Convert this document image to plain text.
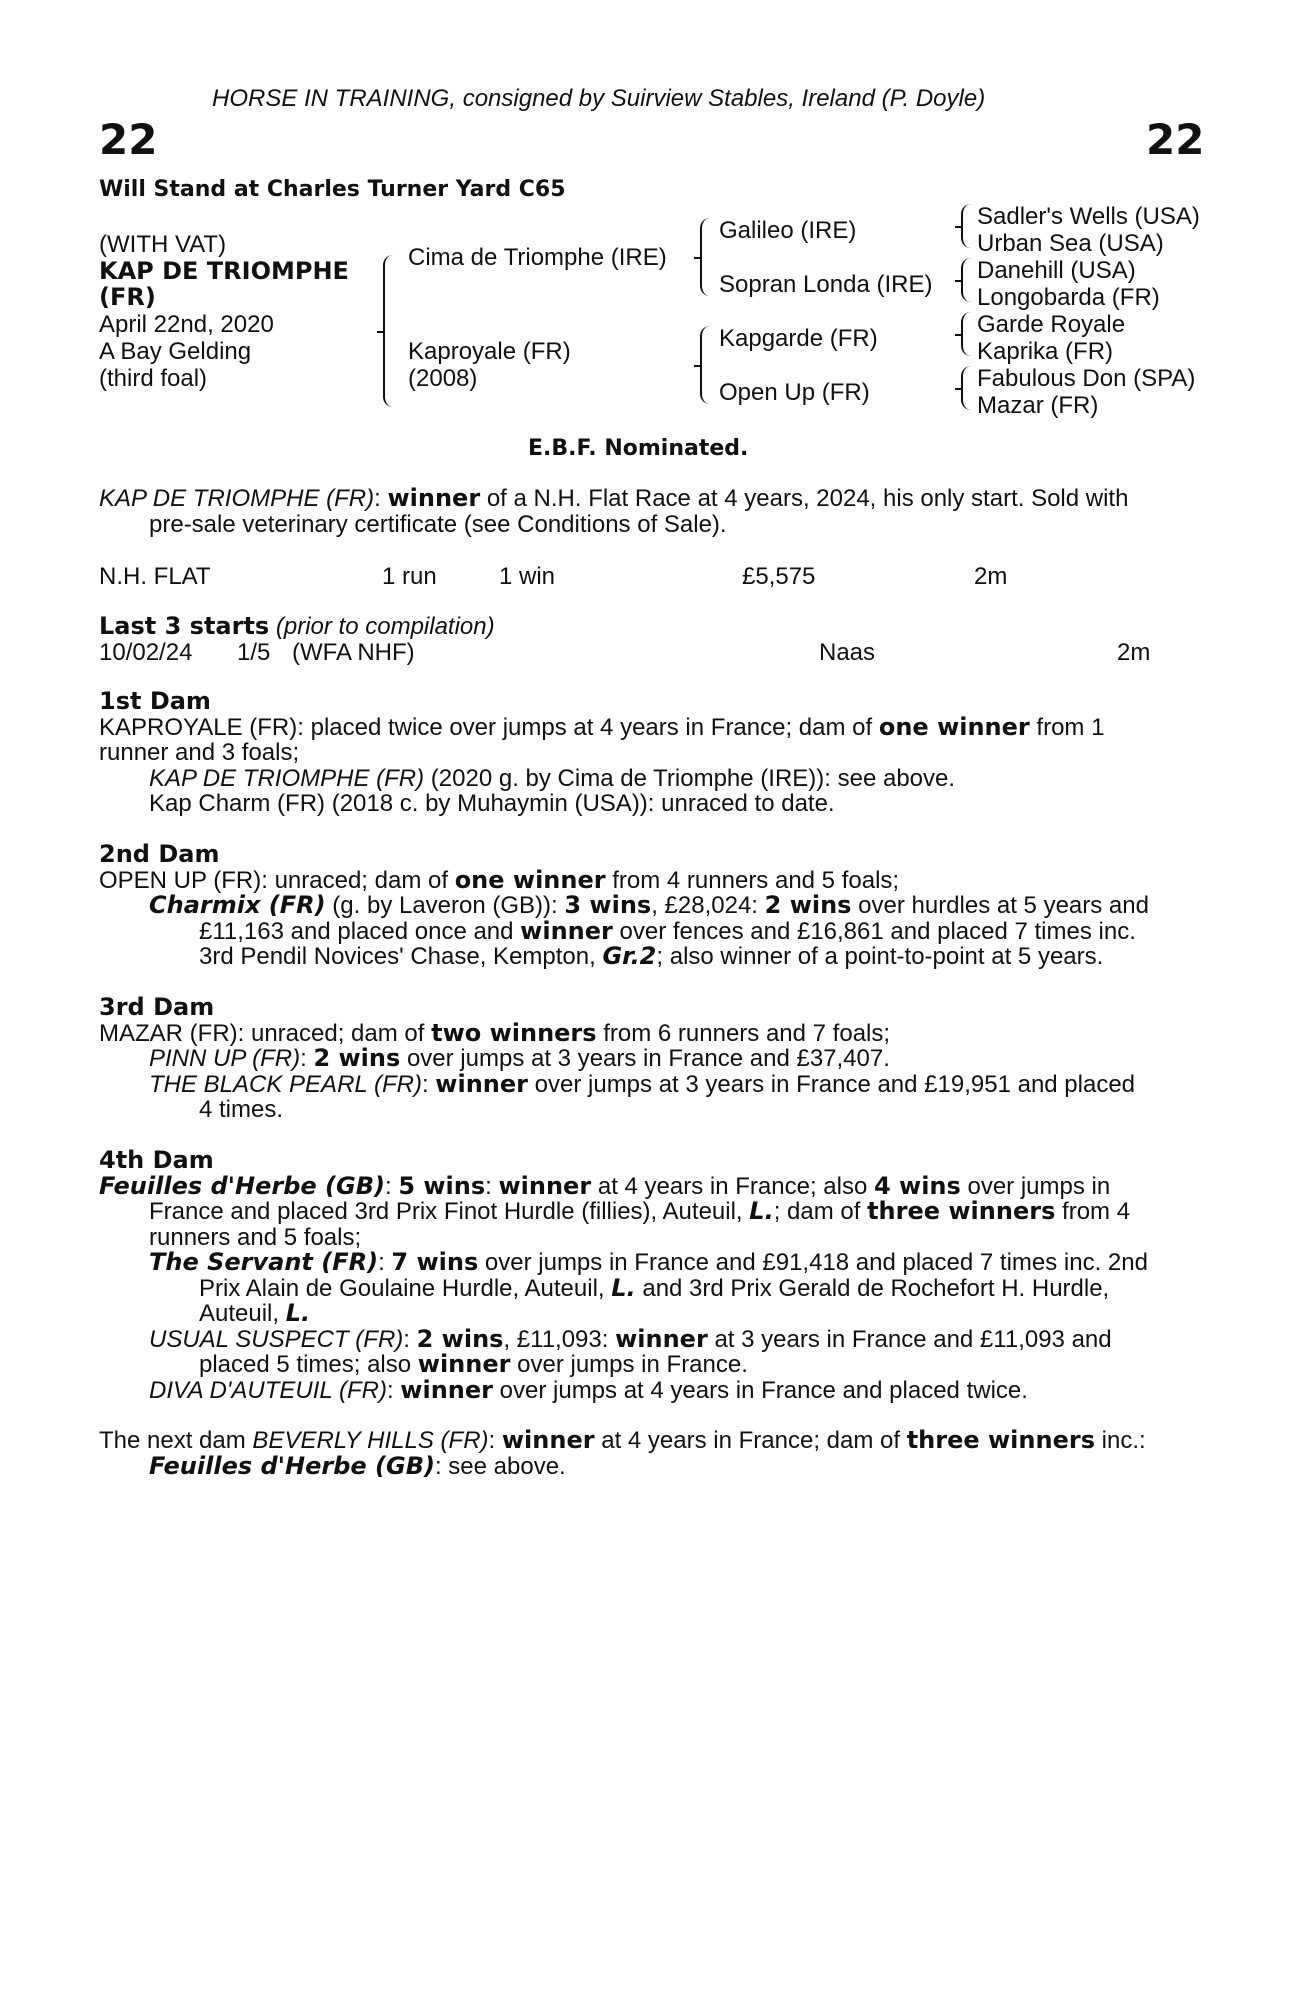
HORSE IN TRAINING, consigned by Suirview Stables, Ireland (P. Doyle)
22	22
Will Stand at Charles Turner Yard C65
(WITH VAT)
KAP DE TRIOMPHE
(FR)
April 22nd, 2020
A Bay Gelding
(third foal)
Cima de Triomphe (IRE)
Kaproyale (FR)
(2008)
Galileo (IRE)
Sopran Londa (IRE)
Kapgarde (FR)
Open Up (FR)
Sadler's Wells (USA)
Urban Sea (USA)
Danehill (USA)
Longobarda (FR)
Garde Royale
Kaprika (FR)
Fabulous Don (SPA)
Mazar (FR)
E.B.F. Nominated.
KAP DE TRIOMPHE (FR): winner of a N.H. Flat Race at 4 years, 2024, his only start. Sold with
pre-sale veterinary certificate (see Conditions of Sale).
N.H. FLAT	1 run	1 win	£5,575	2m
Last 3 starts (prior to compilation)
10/02/24 1/5 (WFA NHF)	Naas	2m
1st Dam
KAPROYALE (FR): placed twice over jumps at 4 years in France; dam of one winner from 1
runner and 3 foals;
KAP DE TRIOMPHE (FR) (2020 g. by Cima de Triomphe (IRE)): see above.
Kap Charm (FR) (2018 c. by Muhaymin (USA)): unraced to date.
2nd Dam
OPEN UP (FR): unraced; dam of one winner from 4 runners and 5 foals;
Charmix (FR) (g. by Laveron (GB)): 3 wins, £28,024: 2 wins over hurdles at 5 years and
£11,163 and placed once and winner over fences and £16,861 and placed 7 times inc.
3rd Pendil Novices' Chase, Kempton, Gr.2; also winner of a point-to-point at 5 years.
3rd Dam
MAZAR (FR): unraced; dam of two winners from 6 runners and 7 foals;
PINN UP (FR): 2 wins over jumps at 3 years in France and £37,407.
THE BLACK PEARL (FR): winner over jumps at 3 years in France and £19,951 and placed
4 times.
4th Dam
Feuilles d'Herbe (GB): 5 wins: winner at 4 years in France; also 4 wins over jumps in
France and placed 3rd Prix Finot Hurdle (fillies), Auteuil, L.; dam of three winners from 4
runners and 5 foals;
The Servant (FR): 7 wins over jumps in France and £91,418 and placed 7 times inc. 2nd
Prix Alain de Goulaine Hurdle, Auteuil, L. and 3rd Prix Gerald de Rochefort H. Hurdle,
Auteuil, L.
USUAL SUSPECT (FR): 2 wins, £11,093: winner at 3 years in France and £11,093 and
placed 5 times; also winner over jumps in France.
DIVA D'AUTEUIL (FR): winner over jumps at 4 years in France and placed twice.
The next dam BEVERLY HILLS (FR): winner at 4 years in France; dam of three winners inc.:
Feuilles d'Herbe (GB): see above.
